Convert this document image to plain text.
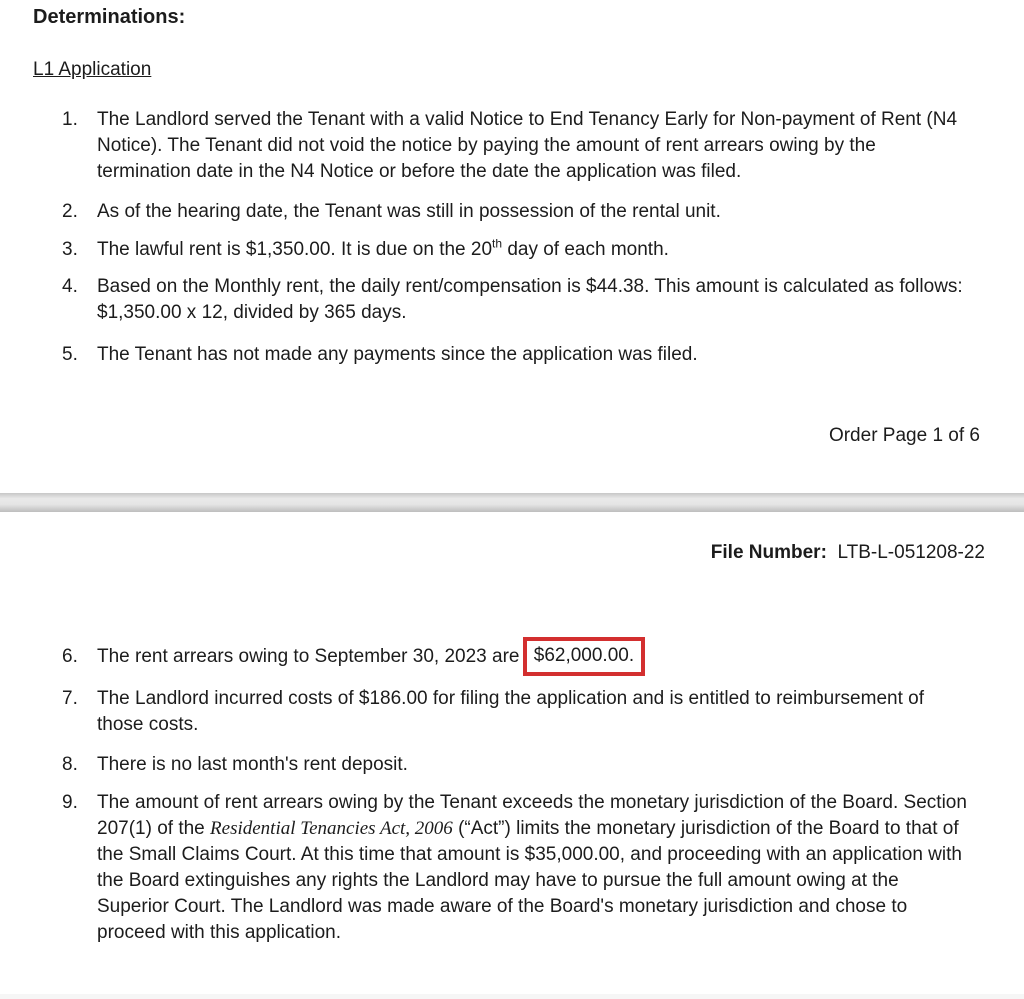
Determinations:
L1 Application
1.	The Landlord served the Tenant with a valid Notice to End Tenancy Early for Non-payment of Rent (N4 Notice). The Tenant did not void the notice by paying the amount of rent arrears owing by the termination date in the N4 Notice or before the date the application was filed.
2.	As of the hearing date, the Tenant was still in possession of the rental unit.
3.	The lawful rent is $1,350.00. It is due on the 20th day of each month.
4.	Based on the Monthly rent, the daily rent/compensation is $44.38. This amount is calculated as follows: $1,350.00 x 12, divided by 365 days.
5.	The Tenant has not made any payments since the application was filed.
Order Page 1 of 6
File Number: LTB-L-051208-22
6.	The rent arrears owing to September 30, 2023 are $62,000.00.
7.	The Landlord incurred costs of $186.00 for filing the application and is entitled to reimbursement of those costs.
8.	There is no last month's rent deposit.
9.	The amount of rent arrears owing by the Tenant exceeds the monetary jurisdiction of the Board. Section 207(1) of the Residential Tenancies Act, 2006 (“Act”) limits the monetary jurisdiction of the Board to that of the Small Claims Court. At this time that amount is $35,000.00, and proceeding with an application with the Board extinguishes any rights the Landlord may have to pursue the full amount owing at the Superior Court. The Landlord was made aware of the Board's monetary jurisdiction and chose to proceed with this application.
